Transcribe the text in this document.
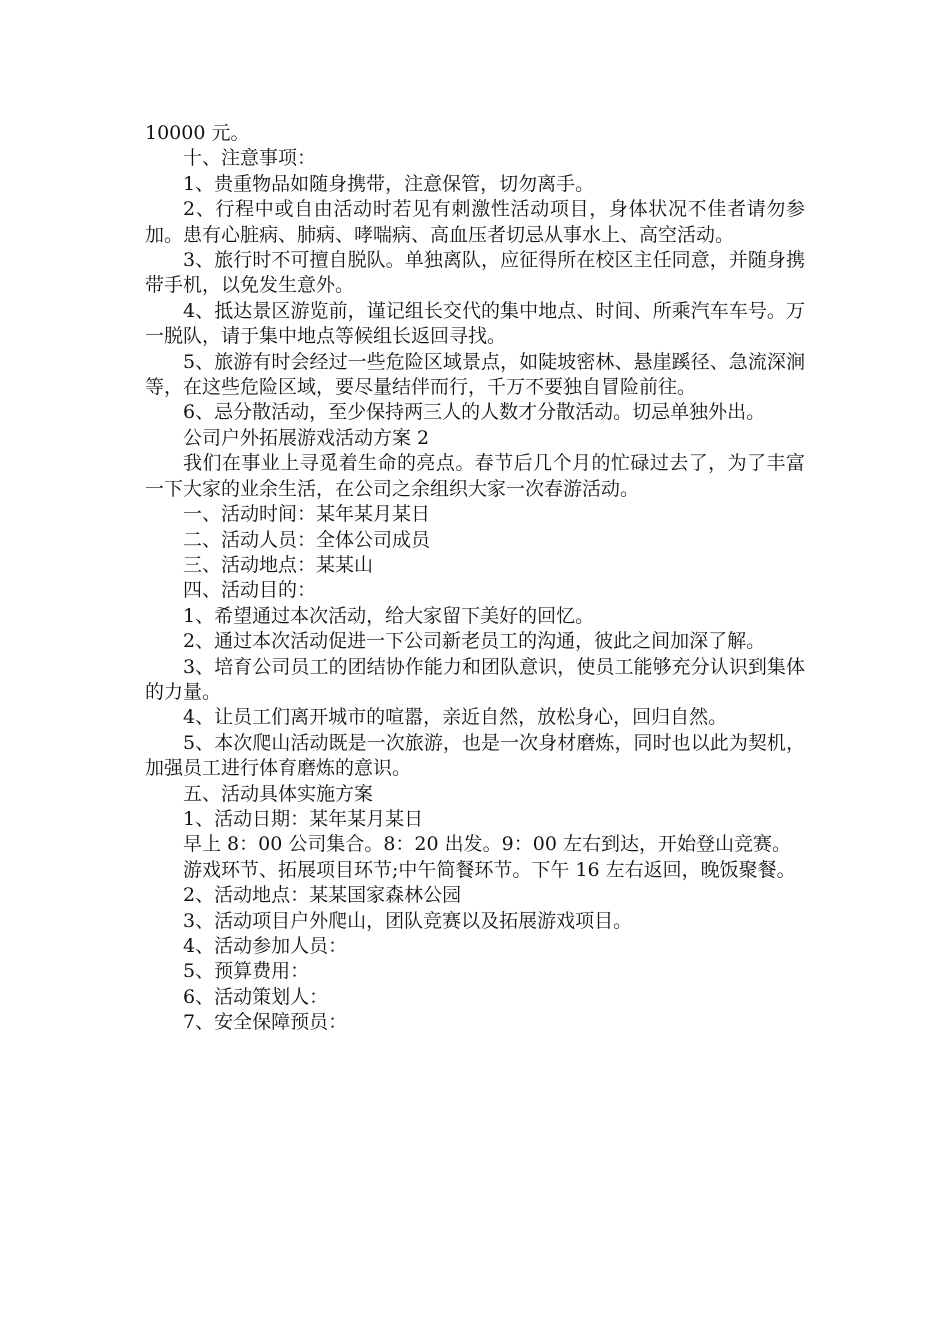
10000 元。

十、注意事项：

1、贵重物品如随身携带，注意保管，切勿离手。

2、行程中或自由活动时若见有刺激性活动项目，身体状况不佳者请勿参加。患有心脏病、肺病、哮喘病、高血压者切忌从事水上、高空活动。

3、旅行时不可擅自脱队。单独离队，应征得所在校区主任同意，并随身携带手机，以免发生意外。

4、抵达景区游览前，谨记组长交代的集中地点、时间、所乘汽车车号。万一脱队，请于集中地点等候组长返回寻找。

5、旅游有时会经过一些危险区域景点，如陡坡密林、悬崖蹊径、急流深涧等，在这些危险区域，要尽量结伴而行，千万不要独自冒险前往。

6、忌分散活动，至少保持两三人的人数才分散活动。切忌单独外出。

公司户外拓展游戏活动方案 2

我们在事业上寻觅着生命的亮点。春节后几个月的忙碌过去了，为了丰富一下大家的业余生活，在公司之余组织大家一次春游活动。

一、活动时间：某年某月某日

二、活动人员：全体公司成员

三、活动地点：某某山

四、活动目的：

1、希望通过本次活动，给大家留下美好的回忆。

2、通过本次活动促进一下公司新老员工的沟通，彼此之间加深了解。

3、培育公司员工的团结协作能力和团队意识，使员工能够充分认识到集体的力量。

4、让员工们离开城市的喧嚣，亲近自然，放松身心，回归自然。

5、本次爬山活动既是一次旅游，也是一次身材磨炼，同时也以此为契机，加强员工进行体育磨炼的意识。

五、活动具体实施方案

1、活动日期：某年某月某日

早上 8：00 公司集合。8：20 出发。9：00 左右到达，开始登山竞赛。

游戏环节、拓展项目环节;中午简餐环节。下午 16 左右返回，晚饭聚餐。

2、活动地点：某某国家森林公园

3、活动项目户外爬山，团队竞赛以及拓展游戏项目。

4、活动参加人员：

5、预算费用：

6、活动策划人：

7、安全保障预员：
